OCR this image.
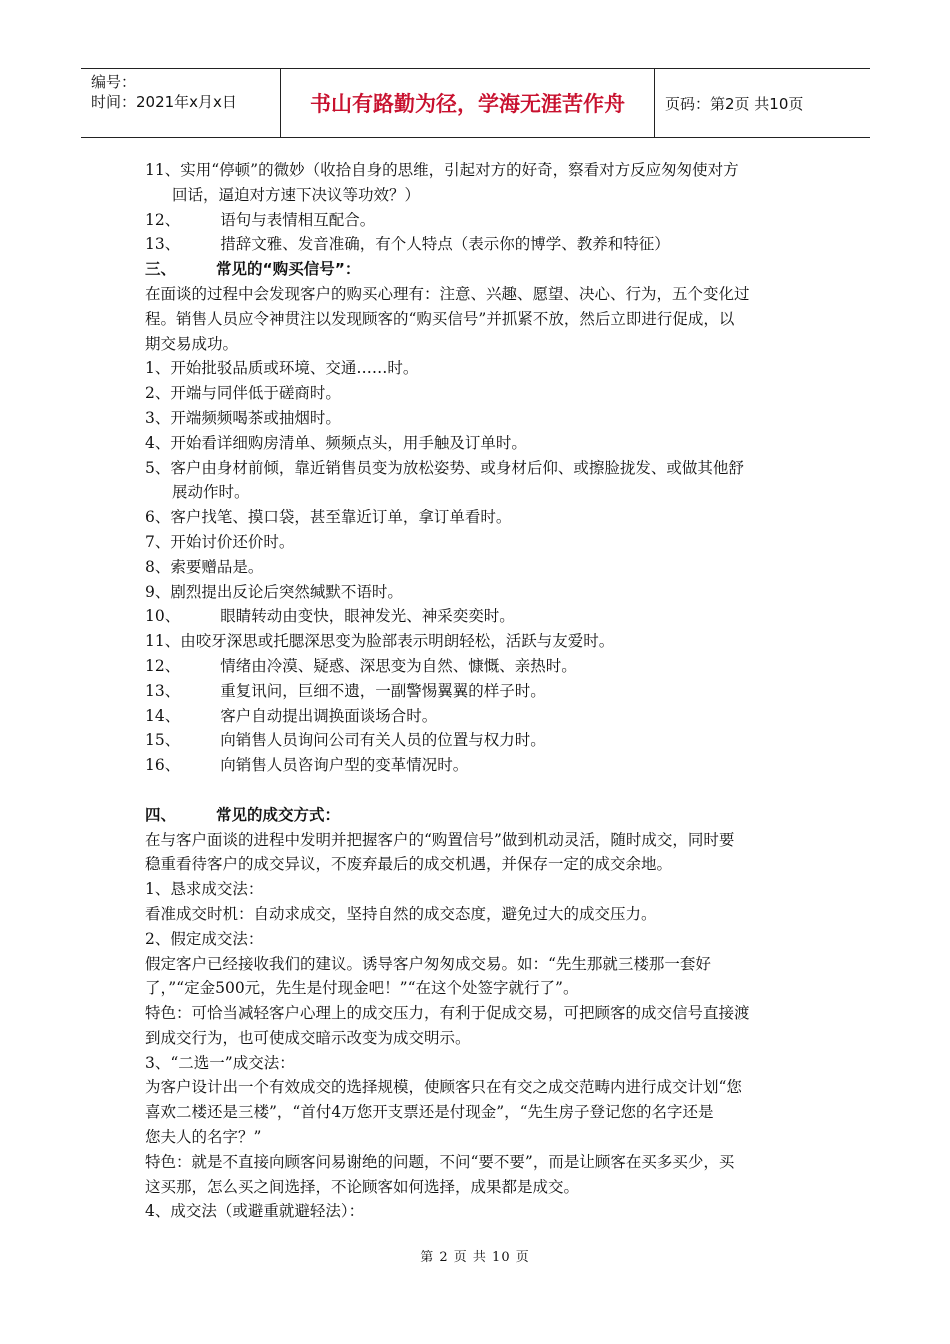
编号：
时间：2021年x月x日	书山有路勤为径，学海无涯苦作舟	页码：第2页 共10页
11、实用“停顿”的微妙（收拾自身的思维，引起对方的好奇，察看对方反应匆匆使对方
回话，逼迫对方速下决议等功效？）
12、	语句与表情相互配合。
13、	措辞文雅、发音准确，有个人特点（表示你的博学、教养和特征）
三、	常见的“购买信号”：
在面谈的过程中会发现客户的购买心理有：注意、兴趣、愿望、决心、行为，五个变化过
程。销售人员应令神贯注以发现顾客的“购买信号”并抓紧不放，然后立即进行促成，以
期交易成功。
1、开始批驳品质或环境、交通……时。
2、开端与同伴低于磋商时。
3、开端频频喝茶或抽烟时。
4、开始看详细购房清单、频频点头，用手触及订单时。
5、客户由身材前倾，靠近销售员变为放松姿势、或身材后仰、或擦脸拢发、或做其他舒
展动作时。
6、客户找笔、摸口袋，甚至靠近订单，拿订单看时。
7、开始讨价还价时。
8、索要赠品是。
9、剧烈提出反论后突然缄默不语时。
10、	眼睛转动由变快，眼神发光、神采奕奕时。
11、由咬牙深思或托腮深思变为脸部表示明朗轻松，活跃与友爱时。
12、	情绪由冷漠、疑惑、深思变为自然、慷慨、亲热时。
13、	重复讯问，巨细不遗，一副警惕翼翼的样子时。
14、	客户自动提出调换面谈场合时。
15、	向销售人员询问公司有关人员的位置与权力时。
16、	向销售人员咨询户型的变革情况时。
四、	常见的成交方式：
在与客户面谈的进程中发明并把握客户的“购置信号”做到机动灵活，随时成交，同时要
稳重看待客户的成交异议，不废弃最后的成交机遇，并保存一定的成交余地。
1、恳求成交法：
看准成交时机：自动求成交，坚持自然的成交态度，避免过大的成交压力。
2、假定成交法：
假定客户已经接收我们的建议。诱导客户匆匆成交易。如：“先生那就三楼那一套好
了，”“定金500元，先生是付现金吧！”“在这个处签字就行了”。
特色：可恰当减轻客户心理上的成交压力，有利于促成交易，可把顾客的成交信号直接渡
到成交行为，也可使成交暗示改变为成交明示。
3、“二选一”成交法：
为客户设计出一个有效成交的选择规模，使顾客只在有交之成交范畴内进行成交计划“您
喜欢二楼还是三楼”，“首付4万您开支票还是付现金”，“先生房子登记您的名字还是
您夫人的名字？”
特色：就是不直接向顾客问易谢绝的问题，不问“要不要”，而是让顾客在买多买少，买
这买那，怎么买之间选择，不论顾客如何选择，成果都是成交。
4、成交法（或避重就避轻法）：
第 2 页 共 10 页
